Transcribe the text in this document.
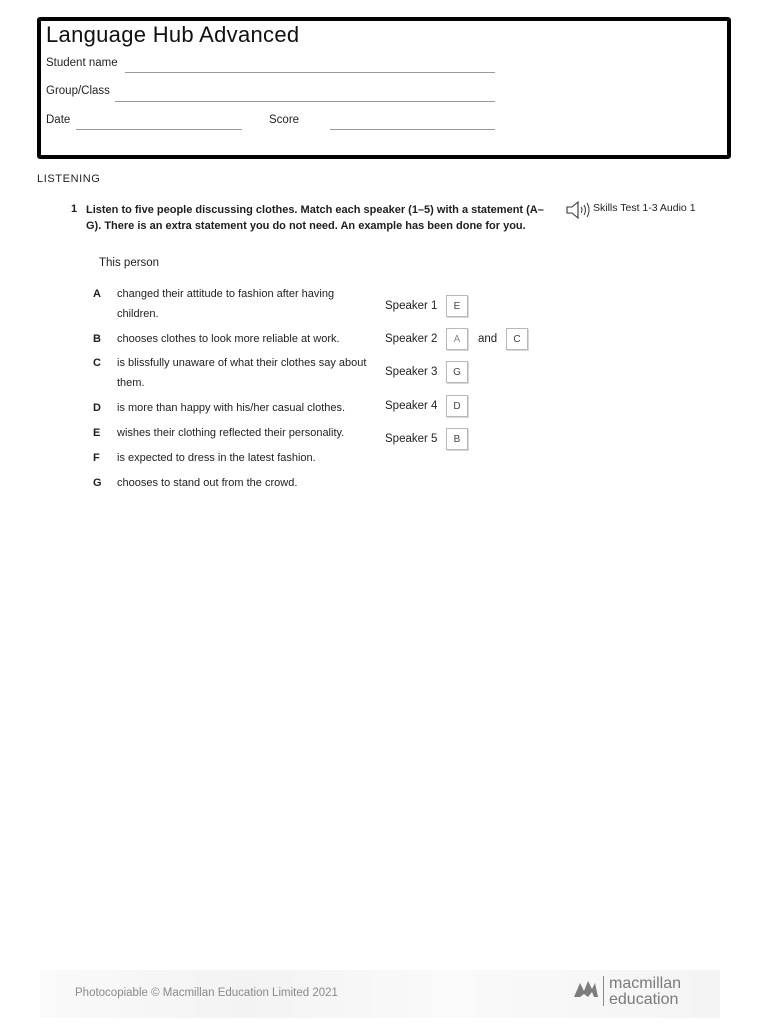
Language Hub Advanced
Student name
Group/Class
Date	Score
LISTENING
1 Listen to five people discussing clothes. Match each speaker (1–5) with a statement (A–G). There is an extra statement you do not need. An example has been done for you.
Skills Test 1-3 Audio 1
This person
A changed their attitude to fashion after having children.
B chooses clothes to look more reliable at work.
C is blissfully unaware of what their clothes say about them.
D is more than happy with his/her casual clothes.
E wishes their clothing reflected their personality.
F is expected to dress in the latest fashion.
G chooses to stand out from the crowd.
Speaker 1	E
Speaker 2	A	and	C
Speaker 3	G
Speaker 4	D
Speaker 5	B
Photocopiable © Macmillan Education Limited 2021
macmillan
education
